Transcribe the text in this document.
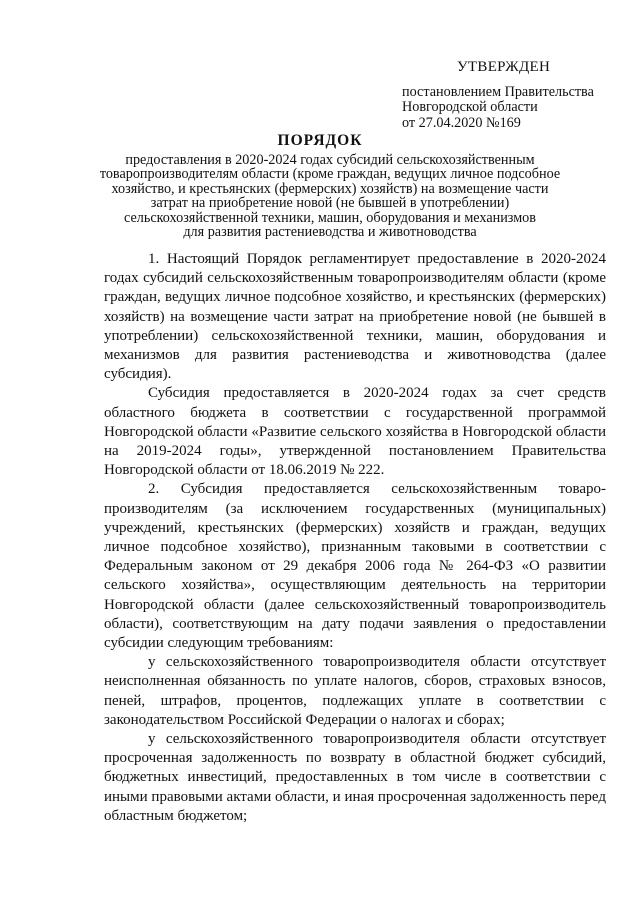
УТВЕРЖДЕН
постановлением Правительства
Новгородской области
от 27.04.2020 №169
ПОРЯДОК
предоставления в 2020-2024 годах субсидий сельскохозяйственным
товаропроизводителям области (кроме граждан, ведущих личное подсобное
хозяйство, и крестьянских (фермерских) хозяйств) на возмещение части
затрат на приобретение новой (не бывшей в употреблении)
сельскохозяйственной техники, машин, оборудования и механизмов
для развития растениеводства и животноводства

1. Настоящий Порядок регламентирует предоставление в 2020-2024 годах субсидий сельскохозяйственным товаропроизводителям области (кроме граждан, ведущих личное подсобное хозяйство, и крестьянских (фермерских) хозяйств) на возмещение части затрат на приобретение новой (не бывшей в употреблении) сельскохозяйственной техники, машин, оборудования и механизмов для развития растениеводства и животноводства (далее субсидия).

Субсидия предоставляется в 2020-2024 годах за счет средств областного бюджета в соответствии с государственной программой Новгородской области «Развитие сельского хозяйства в Новгородской области на 2019-2024 годы», утвержденной постановлением Правительства Новгородской области от 18.06.2019 № 222.

2. Субсидия предоставляется сельскохозяйственным товаро-производителям (за исключением государственных (муниципальных) учреждений, крестьянских (фермерских) хозяйств и граждан, ведущих личное подсобное хозяйство), признанным таковыми в соответствии с Федеральным законом от 29 декабря 2006 года № 264-ФЗ «О развитии сельского хозяйства», осуществляющим деятельность на территории Новгородской области (далее сельскохозяйственный товаропроизводитель области), соответствующим на дату подачи заявления о предоставлении субсидии следующим требованиям:

у сельскохозяйственного товаропроизводителя области отсутствует неисполненная обязанность по уплате налогов, сборов, страховых взносов, пеней, штрафов, процентов, подлежащих уплате в соответствии с законодательством Российской Федерации о налогах и сборах;

у сельскохозяйственного товаропроизводителя области отсутствует просроченная задолженность по возврату в областной бюджет субсидий, бюджетных инвестиций, предоставленных в том числе в соответствии с иными правовыми актами области, и иная просроченная задолженность перед областным бюджетом;
